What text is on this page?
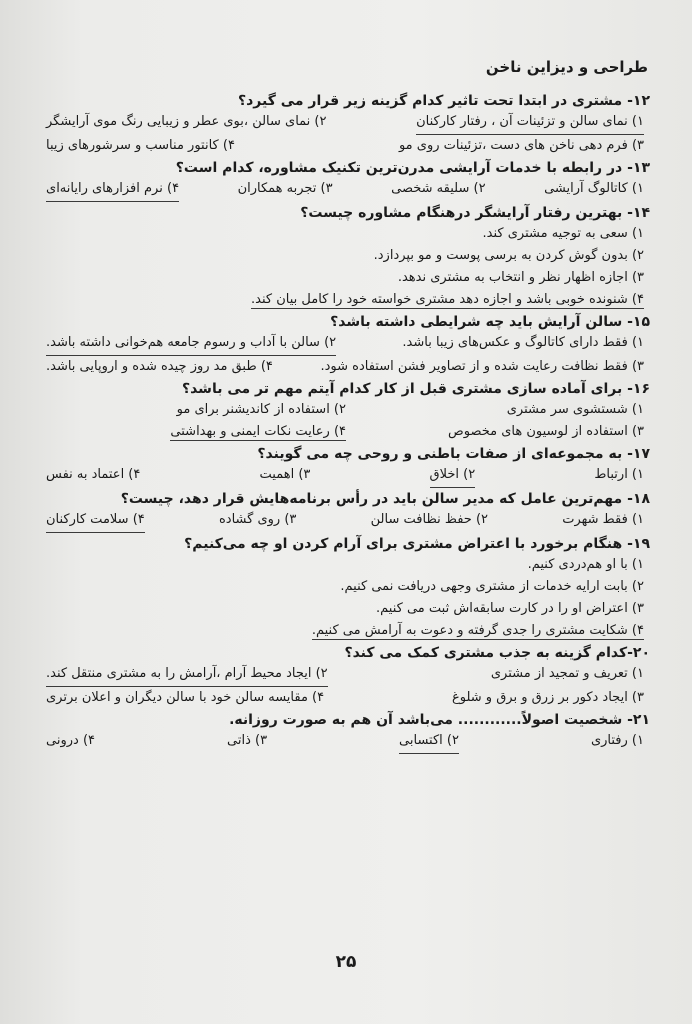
طراحی و دیزاین ناخن
۱۲- مشتری در ابتدا تحت تاثیر کدام گزینه زیر قرار می گیرد؟
۱) نمای سالن و تزئینات آن ، رفتار کارکنان
۲) نمای سالن ،بوی عطر و زیبایی رنگ موی آرایشگر
۳) فرم دهی ناخن های دست ،تزئینات روی مو
۴) کانتور مناسب و سرشورهای زیبا
۱۳- در رابطه با خدمات آرایشی مدرن‌ترین تکنیک مشاوره، کدام است؟
۱) کاتالوگ آرایشی
۲) سلیقه شخصی
۳) تجربه همکاران
۴) نرم افزارهای رایانه‌ای
۱۴- بهترین رفتار آرایشگر درهنگام مشاوره چیست؟
۱) سعی به توجیه مشتری کند.
۲) بدون گوش کردن به برسی پوست و مو بپردازد.
۳) اجازه اظهار نظر و انتخاب به مشتری ندهد.
۴) شنونده خوبی باشد و اجازه دهد مشتری خواسته خود را کامل بیان کند.
۱۵- سالن آرایش باید چه شرایطی داشته باشد؟
۱) فقط دارای کاتالوگ و عکس‌های زیبا باشد.
۲) سالن با آداب و رسوم جامعه هم‌خوانی داشته باشد.
۳) فقط نظافت رعایت شده و از تصاویر فشن استفاده شود.
۴) طبق مد روز چیده شده و اروپایی باشد.
۱۶- برای آماده سازی مشتری قبل از کار کدام آیتم مهم تر می باشد؟
۱) شستشوی سر مشتری
۲) استفاده از کاندیشنر برای مو
۳) استفاده از لوسیون های مخصوص
۴) رعایت نکات ایمنی و بهداشتی
۱۷- به مجموعه‌ای از صفات باطنی و روحی چه می گویند؟
۱) ارتباط
۲) اخلاق
۳) اهمیت
۴) اعتماد به نفس
۱۸- مهم‌ترین عامل که مدیر سالن باید در رأس برنامه‌هایش قرار دهد، چیست؟
۱) فقط شهرت
۲) حفظ نظافت سالن
۳) روی گشاده
۴) سلامت کارکنان
۱۹- هنگام برخورد با اعتراض مشتری برای آرام کردن او چه می‌کنیم؟
۱) با او هم‌دردی کنیم.
۲) بابت ارایه خدمات از مشتری وجهی دریافت نمی کنیم.
۳) اعتراض او را در کارت سابقه‌اش ثبت می کنیم.
۴) شکایت مشتری را جدی گرفته و دعوت به آرامش می کنیم.
۲۰-کدام گزینه به جذب مشتری کمک می کند؟
۱) تعریف و تمجید از مشتری
۲) ایجاد محیط آرام ،آرامش را به مشتری منتقل کند.
۳) ایجاد دکور بر زرق و برق و شلوغ
۴) مقایسه سالن خود با سالن دیگران و اعلان برتری
۲۱- شخصیت اصولاً............ می‌باشد آن هم به صورت روزانه.
۱) رفتاری
۲) اکتسابی
۳) ذاتی
۴) درونی
۲۵
